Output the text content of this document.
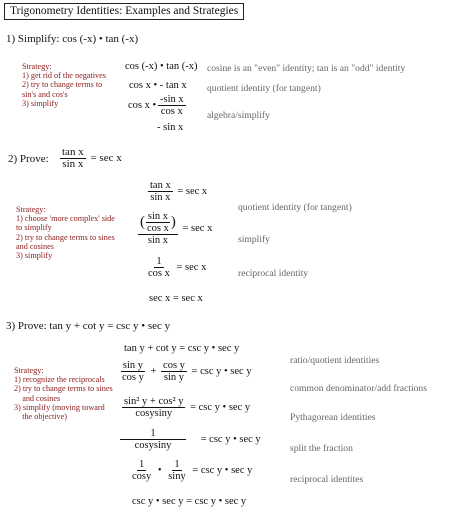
Trigonometry Identities: Examples and Strategies
1) Simplify: cos (-x) • tan (-x)
Strategy:
1) get rid of the negatives
2) try to change terms to
sin's and cos's
3) simplify
cos (-x) • tan (-x)
cos x • - tan x
cos x • $\frac{\text{-sin x}}{\text{cos x}}$
- sin x
cosine is an "even" identity; tan is an "odd" identity
quotient identity (for tangent)
algebra/simplify
2) Prove: $\frac{\text{tan x}}{\text{sin x}} = \sec x$
Strategy:
1) choose 'more complex' side
to simplify
2) try to change terms to sines
and cosines
3) simplify
$\frac{\text{tan x}}{\text{sin x}} = \sec x$
$\frac{( \frac{\text{sin x}}{\text{cos x}} )}{\text{sin x}} = \sec x$
$\frac{1}{\text{cos x}} = \sec x$
sec x = sec x
quotient identity (for tangent)
simplify
reciprocal identity
3) Prove: tan y + cot y = csc y • sec y
Strategy:
1) recognize the reciprocals
2) try to change terms to sines
and cosines
3) simplify (moving toward
the objective)
tan y + cot y = csc y • sec y
$\frac{\text{sin y}}{\text{cos y}} + \frac{\text{cos y}}{\text{sin y}} = \csc y$ • sec y
$\frac{\text{sin² y + cos² y}}{\text{cosysiny}} = \csc y$ • sec y
$\frac{1}{\text{cosysiny}} = \csc y$ • sec y
$\frac{1}{\cos y}$ • $\frac{1}{\sin y} = \csc y$ • sec y
csc y • sec y = csc y • sec y
ratio/quotient identities
common denominator/add fractions
Pythagorean identities
split the fraction
reciprocal identites
